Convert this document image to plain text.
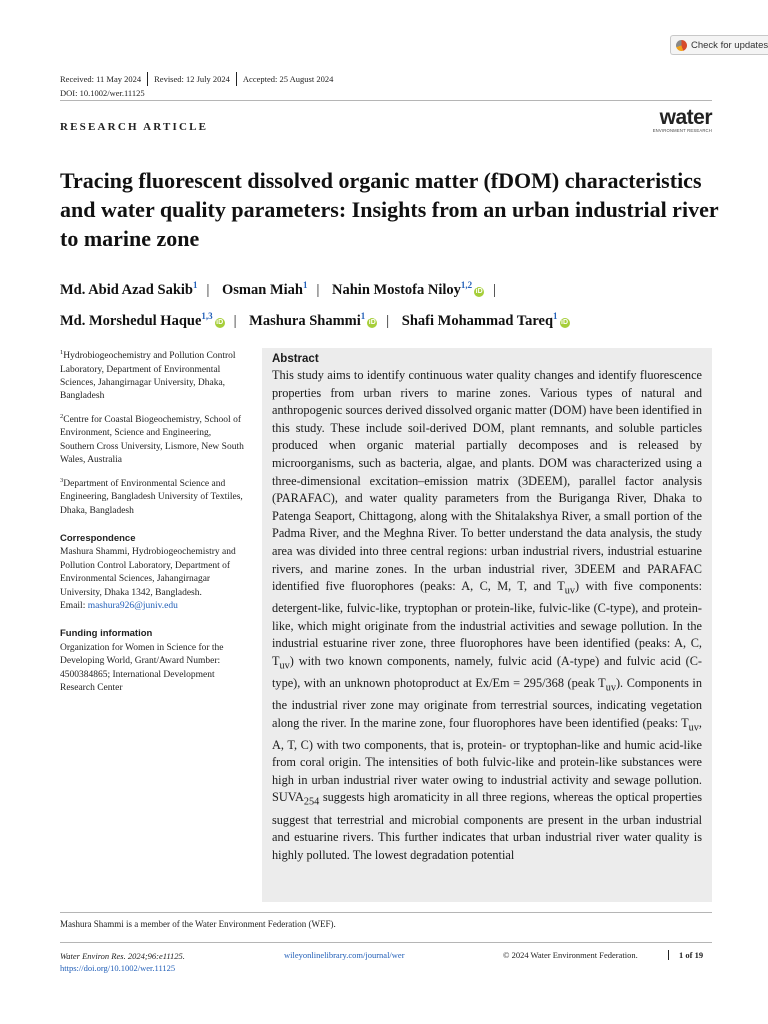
Check for updates
Received: 11 May 2024 Revised: 12 July 2024 Accepted: 25 August 2024
DOI: 10.1002/wer.11125
RESEARCH ARTICLE	water
ENVIRONMENT RESEARCH
Tracing fluorescent dissolved organic matter (fDOM) characteristics and water quality parameters: Insights from an urban industrial river to marine zone
Md. Abid Azad Sakib$^1$ | Osman Miah$^1$ | Nahin Mostofa Niloy$^{1,2}$iD |
Md. Morshedul Haque$^{1,3}$iD | Mashura Shammi$^1$iD | Shafi Mohammad Tareq$^1$iD

$^1$Hydrobiogeochemistry and Pollution Control Laboratory, Department of Environmental Sciences, Jahangirnagar University, Dhaka, Bangladesh

$^2$Centre for Coastal Biogeochemistry, School of Environment, Science and Engineering, Southern Cross University, Lismore, New South Wales, Australia

$^3$Department of Environmental Science and Engineering, Bangladesh University of Textiles, Dhaka, Bangladesh

Correspondence
Mashura Shammi, Hydrobiogeochemistry and Pollution Control Laboratory, Department of Environmental Sciences, Jahangirnagar University, Dhaka 1342, Bangladesh.
Email: mashura926@juniv.edu
Funding information
Organization for Women in Science for the Developing World, Grant/Award Number: 4500384865; International Development Research Center
Abstract
This study aims to identify continuous water quality changes and identify fluorescence properties from urban rivers to marine zones. Various types of natural and anthropogenic sources derived dissolved organic matter (DOM) have been identified in this study. These include soil-derived DOM, plant remnants, and soluble particles produced when organic material partially decomposes and is released by microorganisms, such as bacteria, algae, and plants. DOM was characterized using a three-dimensional excitation–emission matrix (3DEEM), parallel factor analysis (PARAFAC), and water quality parameters from the Buriganga River, Dhaka to Patenga Seaport, Chittagong, along with the Shitalakshya River, a small portion of the Padma River, and the Meghna River. To better understand the data analysis, the study area was divided into three central regions: urban industrial rivers, industrial estuarine rivers, and marine zones. In the urban industrial river, 3DEEM and PARAFAC identified five fluorophores (peaks: A, C, M, T, and $T_{uv}$) with five components: detergent-like, fulvic-like, tryptophan or protein-like, fulvic-like (C-type), and protein-like, which might originate from the industrial activities and sewage pollution. In the industrial estuarine river zone, three fluorophores have been identified (peaks: A, C, $T_{uv}$) with two known components, namely, fulvic acid (A-type) and fulvic acid (C-type), with an unknown photoproduct at Ex/Em = 295/368 (peak $T_{uv}$). Components in the industrial river zone may originate from terrestrial sources, indicating vegetation along the river. In the marine zone, four fluorophores have been identified (peaks: $T_{uv}$, A, T, C) with two components, that is, protein- or tryptophan-like and humic acid-like from coral origin. The intensities of both fulvic-like and protein-like substances were high in urban industrial river water owing to industrial activity and sewage pollution. $SUVA_{254}$ suggests high aromaticity in all three regions, whereas the optical properties suggest that terrestrial and microbial components are present in the urban industrial and estuarine rivers. This further indicates that urban industrial river water quality is highly polluted. The lowest degradation potential
Mashura Shammi is a member of the Water Environment Federation (WEF).
Water Environ Res. 2024;96:e11125.
https://doi.org/10.1002/wer.11125
wileyonlinelibrary.com/journal/wer	© 2024 Water Environment Federation.	1 of 19
